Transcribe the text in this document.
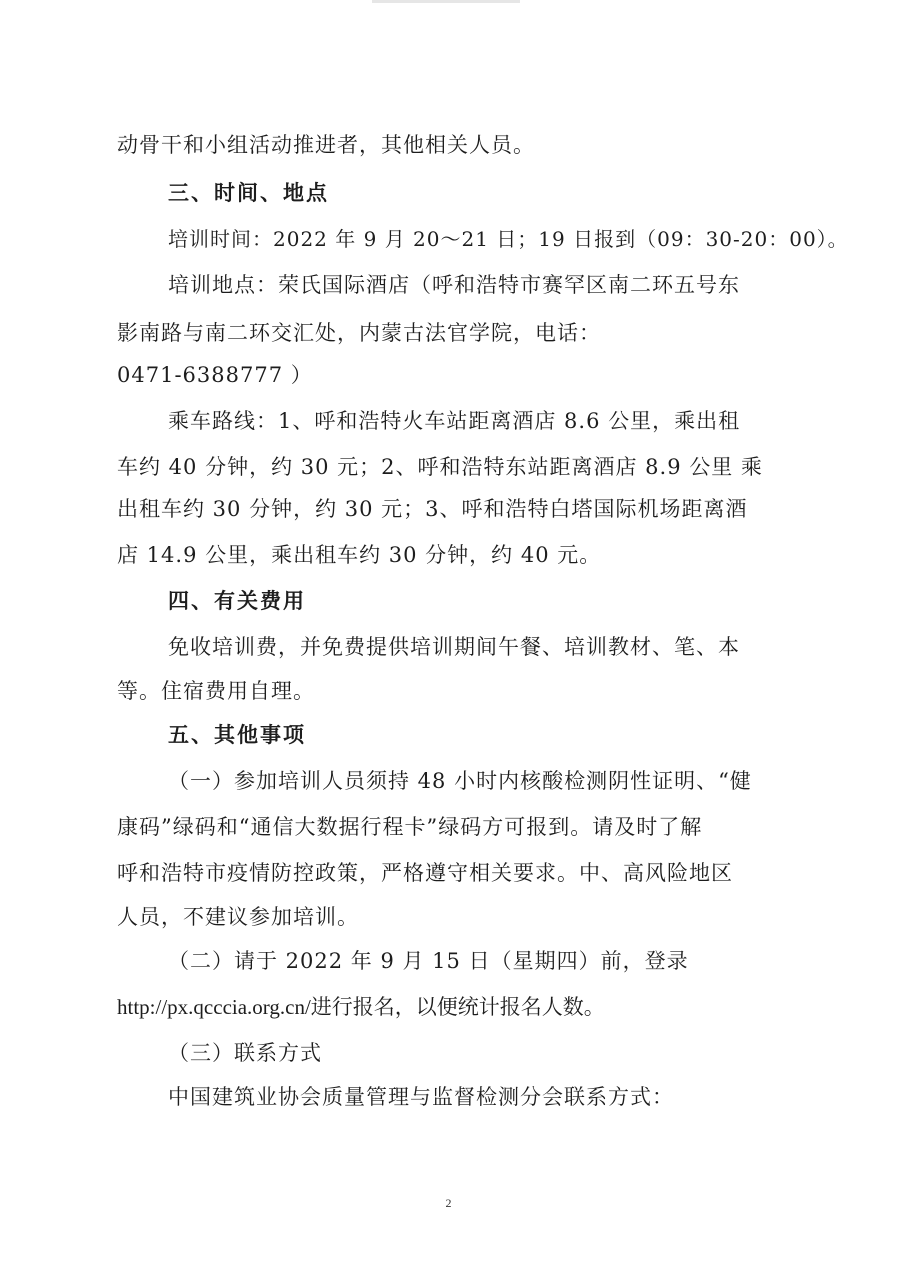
动骨干和小组活动推进者，其他相关人员。
三、时间、地点
培训时间：2022 年 9 月 20～21 日；19 日报到（09：30-20：00）。
培训地点：荣氏国际酒店（呼和浩特市赛罕区南二环五号东
影南路与南二环交汇处，内蒙古法官学院，电话：
0471-6388777 ）
乘车路线：1、呼和浩特火车站距离酒店 8.6 公里，乘出租
车约 40 分钟，约 30 元；2、呼和浩特东站距离酒店 8.9 公里 乘
出租车约 30 分钟，约 30 元；3、呼和浩特白塔国际机场距离酒
店 14.9 公里，乘出租车约 30 分钟，约 40 元。
四、有关费用
免收培训费，并免费提供培训期间午餐、培训教材、笔、本
等。住宿费用自理。
五、其他事项
（一）参加培训人员须持 48 小时内核酸检测阴性证明、“健
康码”绿码和“通信大数据行程卡”绿码方可报到。请及时了解
呼和浩特市疫情防控政策，严格遵守相关要求。中、高风险地区
人员，不建议参加培训。
（二）请于 2022 年 9 月 15 日（星期四）前，登录
http://px.qcccia.org.cn/进行报名，以便统计报名人数。
（三）联系方式
中国建筑业协会质量管理与监督检测分会联系方式：
2
